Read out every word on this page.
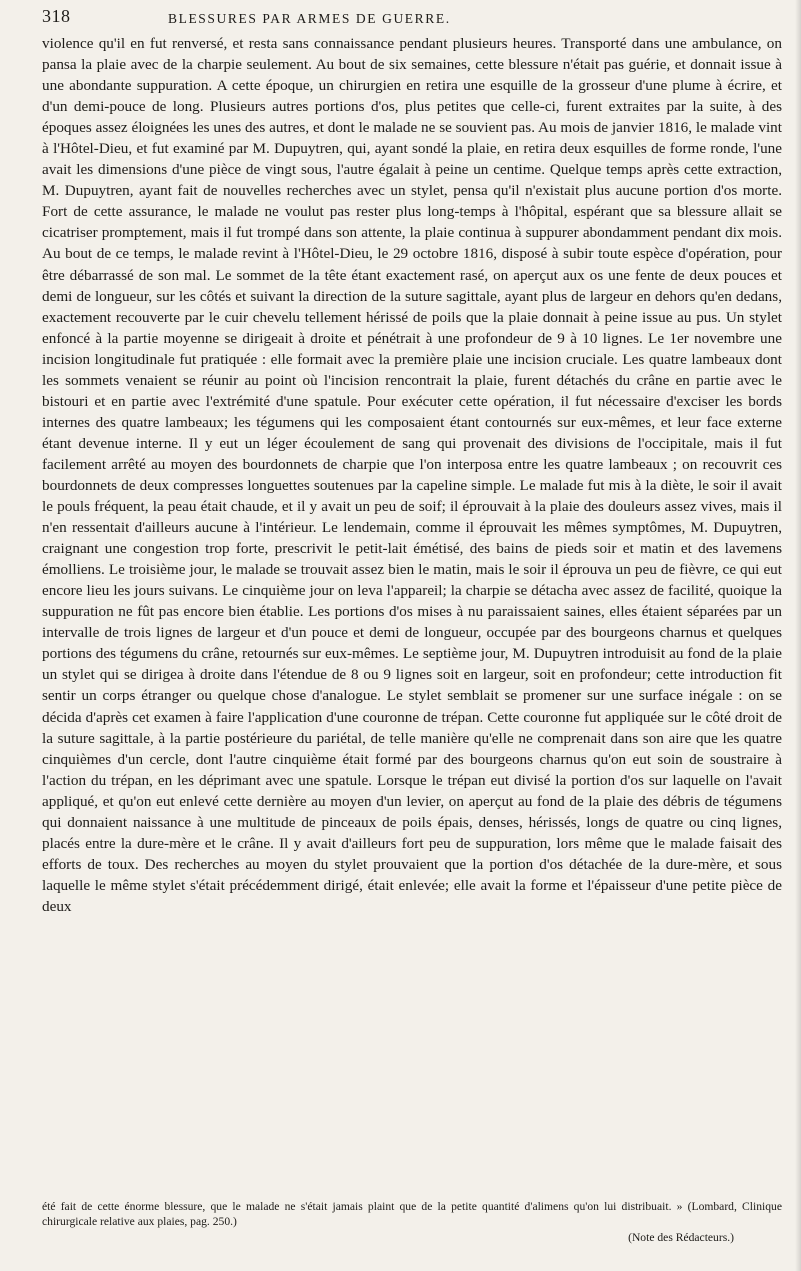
318	BLESSURES PAR ARMES DE GUERRE.

violence qu'il en fut renversé, et resta sans connaissance pendant plusieurs heures. Transporté dans une ambulance, on pansa la plaie avec de la charpie seulement. Au bout de six semaines, cette blessure n'était pas guérie, et donnait issue à une abondante suppuration. A cette époque, un chirurgien en retira une esquille de la grosseur d'une plume à écrire, et d'un demi-pouce de long. Plusieurs autres portions d'os, plus petites que celle-ci, furent extraites par la suite, à des époques assez éloignées les unes des autres, et dont le malade ne se souvient pas. Au mois de janvier 1816, le malade vint à l'Hôtel-Dieu, et fut examiné par M. Dupuytren, qui, ayant sondé la plaie, en retira deux esquilles de forme ronde, l'une avait les dimensions d'une pièce de vingt sous, l'autre égalait à peine un centime. Quelque temps après cette extraction, M. Dupuytren, ayant fait de nouvelles recherches avec un stylet, pensa qu'il n'existait plus aucune portion d'os morte. Fort de cette assurance, le malade ne voulut pas rester plus long-temps à l'hôpital, espérant que sa blessure allait se cicatriser promptement, mais il fut trompé dans son attente, la plaie continua à suppurer abondamment pendant dix mois. Au bout de ce temps, le malade revint à l'Hôtel-Dieu, le 29 octobre 1816, disposé à subir toute espèce d'opération, pour être débarrassé de son mal. Le sommet de la tête étant exactement rasé, on aperçut aux os une fente de deux pouces et demi de longueur, sur les côtés et suivant la direction de la suture sagittale, ayant plus de largeur en dehors qu'en dedans, exactement recouverte par le cuir chevelu tellement hérissé de poils que la plaie donnait à peine issue au pus. Un stylet enfoncé à la partie moyenne se dirigeait à droite et pénétrait à une profondeur de 9 à 10 lignes. Le 1er novembre une incision longitudinale fut pratiquée : elle formait avec la première plaie une incision cruciale. Les quatre lambeaux dont les sommets venaient se réunir au point où l'incision rencontrait la plaie, furent détachés du crâne en partie avec le bistouri et en partie avec l'extrémité d'une spatule. Pour exécuter cette opération, il fut nécessaire d'exciser les bords internes des quatre lambeaux; les tégumens qui les composaient étant contournés sur eux-mêmes, et leur face externe étant devenue interne. Il y eut un léger écoulement de sang qui provenait des divisions de l'occipitale, mais il fut facilement arrêté au moyen des bourdonnets de charpie que l'on interposa entre les quatre lambeaux ; on recouvrit ces bourdonnets de deux compresses longuettes soutenues par la capeline simple. Le malade fut mis à la diète, le soir il avait le pouls fréquent, la peau était chaude, et il y avait un peu de soif; il éprouvait à la plaie des douleurs assez vives, mais il n'en ressentait d'ailleurs aucune à l'intérieur. Le lendemain, comme il éprouvait les mêmes symptômes, M. Dupuytren, craignant une congestion trop forte, prescrivit le petit-lait émétisé, des bains de pieds soir et matin et des lavemens émolliens. Le troisième jour, le malade se trouvait assez bien le matin, mais le soir il éprouva un peu de fièvre, ce qui eut encore lieu les jours suivans. Le cinquième jour on leva l'appareil; la charpie se détacha avec assez de facilité, quoique la suppuration ne fût pas encore bien établie. Les portions d'os mises à nu paraissaient saines, elles étaient séparées par un intervalle de trois lignes de largeur et d'un pouce et demi de longueur, occupée par des bourgeons charnus et quelques portions des tégumens du crâne, retournés sur eux-mêmes. Le septième jour, M. Dupuytren introduisit au fond de la plaie un stylet qui se dirigea à droite dans l'étendue de 8 ou 9 lignes soit en largeur, soit en profondeur; cette introduction fit sentir un corps étranger ou quelque chose d'analogue. Le stylet semblait se promener sur une surface inégale : on se décida d'après cet examen à faire l'application d'une couronne de trépan. Cette couronne fut appliquée sur le côté droit de la suture sagittale, à la partie postérieure du pariétal, de telle manière qu'elle ne comprenait dans son aire que les quatre cinquièmes d'un cercle, dont l'autre cinquième était formé par des bourgeons charnus qu'on eut soin de soustraire à l'action du trépan, en les déprimant avec une spatule. Lorsque le trépan eut divisé la portion d'os sur laquelle on l'avait appliqué, et qu'on eut enlevé cette dernière au moyen d'un levier, on aperçut au fond de la plaie des débris de tégumens qui donnaient naissance à une multitude de pinceaux de poils épais, denses, hérissés, longs de quatre ou cinq lignes, placés entre la dure-mère et le crâne. Il y avait d'ailleurs fort peu de suppuration, lors même que le malade faisait des efforts de toux. Des recherches au moyen du stylet prouvaient que la portion d'os détachée de la dure-mère, et sous laquelle le même stylet s'était précédemment dirigé, était enlevée; elle avait la forme et l'épaisseur d'une petite pièce de deux

été fait de cette énorme blessure, que le malade ne s'était jamais plaint que de la petite quantité d'alimens qu'on lui distribuait. » (Lombard, Clinique chirurgicale relative aux plaies, pag. 250.)

(Note des Rédacteurs.)
